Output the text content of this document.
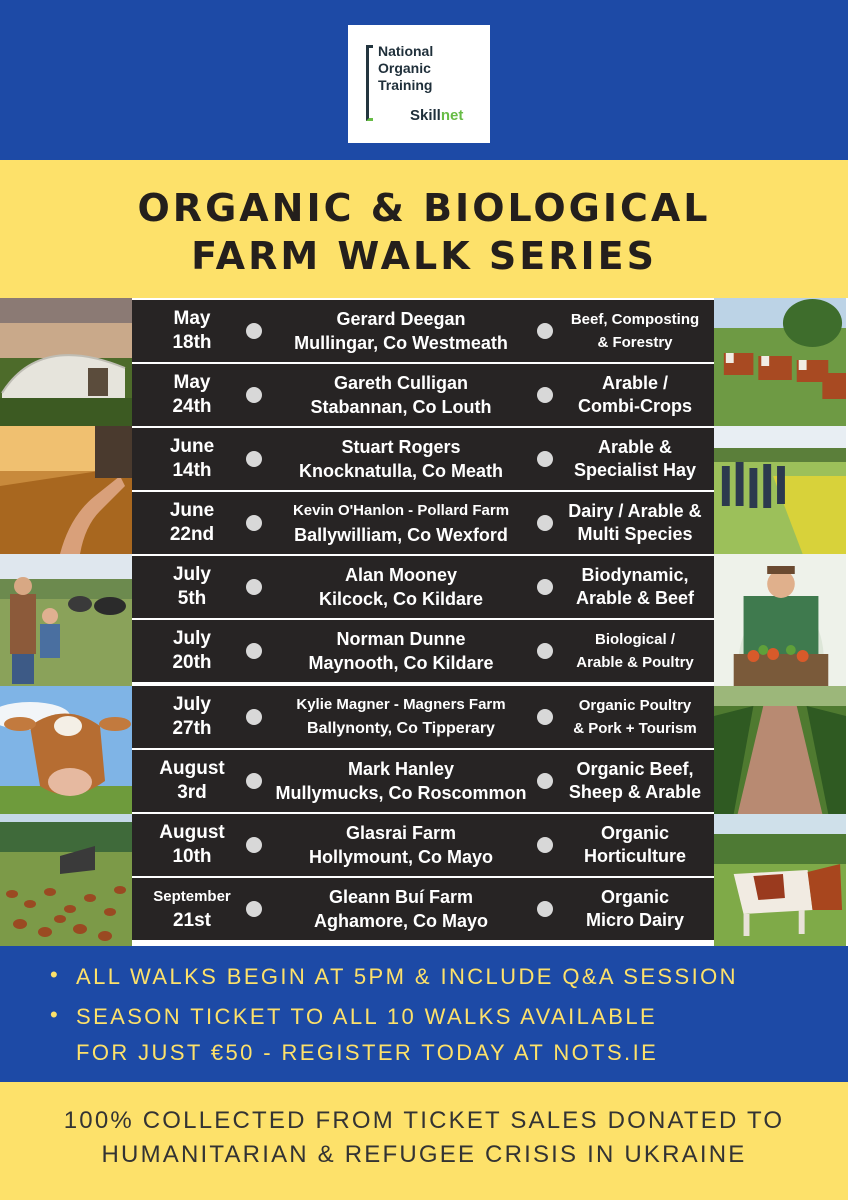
National
Organic
Training
Skillnet
ORGANIC & BIOLOGICAL
FARM WALK SERIES
May
18th
Gerard Deegan
Mullingar, Co Westmeath
Beef, Composting
& Forestry
May
24th
Gareth Culligan
Stabannan, Co Louth
Arable /
Combi-Crops
June
14th
Stuart Rogers
Knocknatulla, Co Meath
Arable &
Specialist Hay
June
22nd
Kevin O'Hanlon - Pollard Farm
Ballywilliam, Co Wexford
Dairy / Arable &
Multi Species
July
5th
Alan Mooney
Kilcock, Co Kildare
Biodynamic,
Arable & Beef
July
20th
Norman Dunne
Maynooth, Co Kildare
Biological /
Arable & Poultry
July
27th
Kylie Magner - Magners Farm
Ballynonty, Co Tipperary
Organic Poultry
& Pork + Tourism
August
3rd
Mark Hanley
Mullymucks, Co Roscommon
Organic Beef,
Sheep & Arable
August
10th
Glasrai Farm
Hollymount, Co Mayo
Organic
Horticulture
September
21st
Gleann Buí Farm
Aghamore, Co Mayo
Organic
Micro Dairy
• ALL WALKS BEGIN AT 5PM & INCLUDE Q&A SESSION
• SEASON TICKET TO ALL 10 WALKS AVAILABLE
FOR JUST €50 - REGISTER TODAY AT NOTS.IE
100% COLLECTED FROM TICKET SALES DONATED TO
HUMANITARIAN & REFUGEE CRISIS IN UKRAINE
